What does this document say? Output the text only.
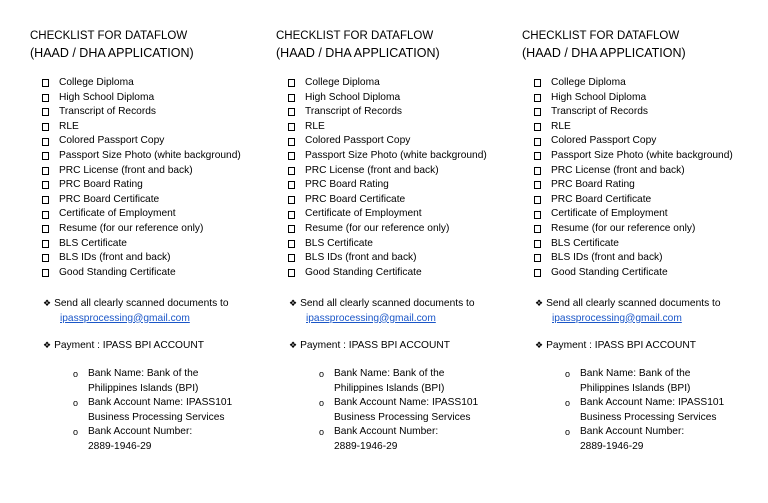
CHECKLIST FOR DATAFLOW
(HAAD / DHA APPLICATION)
College Diploma
High School Diploma
Transcript of Records
RLE
Colored Passport Copy
Passport Size Photo (white background)
PRC License (front and back)
PRC Board Rating
PRC Board Certificate
Certificate of Employment
Resume (for our reference only)
BLS Certificate
BLS IDs (front and back)
Good Standing Certificate
❖ Send all clearly scanned documents to
ipassprocessing@gmail.com
❖ Payment : IPASS BPI ACCOUNT
o Bank Name: Bank of the
Philippines Islands (BPI)
o Bank Account Name: IPASS101
Business Processing Services
o Bank Account Number:
2889-1946-29
CHECKLIST FOR DATAFLOW
(HAAD / DHA APPLICATION)
College Diploma
High School Diploma
Transcript of Records
RLE
Colored Passport Copy
Passport Size Photo (white background)
PRC License (front and back)
PRC Board Rating
PRC Board Certificate
Certificate of Employment
Resume (for our reference only)
BLS Certificate
BLS IDs (front and back)
Good Standing Certificate
❖ Send all clearly scanned documents to
ipassprocessing@gmail.com
❖ Payment : IPASS BPI ACCOUNT
o Bank Name: Bank of the
Philippines Islands (BPI)
o Bank Account Name: IPASS101
Business Processing Services
o Bank Account Number:
2889-1946-29
CHECKLIST FOR DATAFLOW
(HAAD / DHA APPLICATION)
College Diploma
High School Diploma
Transcript of Records
RLE
Colored Passport Copy
Passport Size Photo (white background)
PRC License (front and back)
PRC Board Rating
PRC Board Certificate
Certificate of Employment
Resume (for our reference only)
BLS Certificate
BLS IDs (front and back)
Good Standing Certificate
❖ Send all clearly scanned documents to
ipassprocessing@gmail.com
❖ Payment : IPASS BPI ACCOUNT
o Bank Name: Bank of the
Philippines Islands (BPI)
o Bank Account Name: IPASS101
Business Processing Services
o Bank Account Number:
2889-1946-29
